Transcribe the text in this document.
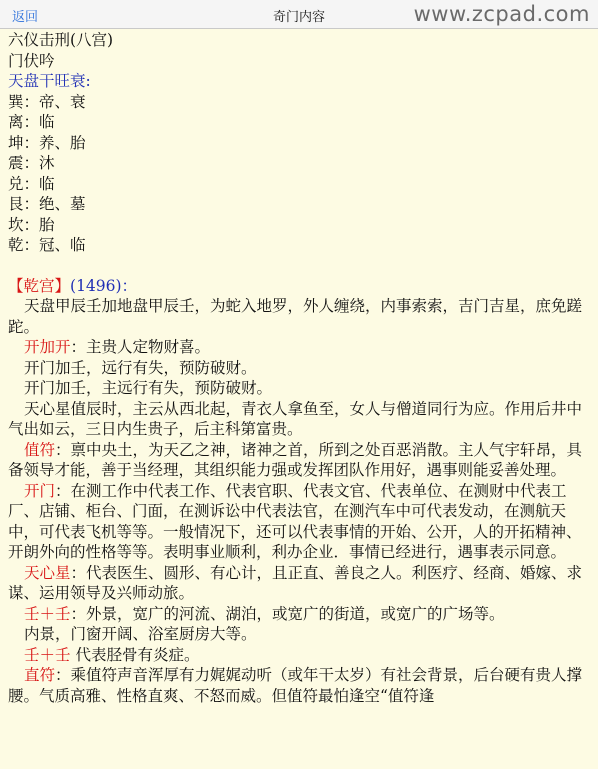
返回	奇门内容	www.zcpad.com
六仪击刑(八宫)
门伏吟
天盘干旺衰:
巽：帝、衰
离：临
坤：养、胎
震：沐
兑：临
艮：绝、墓
坎：胎
乾：冠、临
【乾宫】(1496)：

天盘甲辰壬加地盘甲辰壬，为蛇入地罗，外人缠绕，内事索索，吉门吉星，庶免蹉跎。

开加开：主贵人定物财喜。

开门加壬，远行有失，预防破财。

开门加壬，主远行有失，预防破财。

天心星值辰时，主云从西北起，青衣人拿鱼至，女人与僧道同行为应。作用后井中气出如云，三日内生贵子，后主科第富贵。

值符：禀中央土，为天乙之神，诸神之首，所到之处百恶消散。主人气宇轩昂，具备领导才能，善于当经理，其组织能力强或发挥团队作用好，遇事则能妥善处理。

开门：在测工作中代表工作、代表官职、代表文官、代表单位、在测财中代表工厂、店铺、柜台、门面，在测诉讼中代表法官，在测汽车中可代表发动，在测航天中，可代表飞机等等。一般情况下，还可以代表事情的开始、公开，人的开拓精神、开朗外向的性格等等。表明事业顺利，利办企业．事情已经进行，遇事表示同意。

天心星：代表医生、圆形、有心计，且正直、善良之人。利医疗、经商、婚嫁、求谋、运用领导及兴师动旅。

壬＋壬：外景，宽广的河流、湖泊，或宽广的街道，或宽广的广场等。

内景，门窗开阔、浴室厨房大等。

壬＋壬 代表胫骨有炎症。

直符：乘值符声音浑厚有力娓娓动听（或年干太岁）有社会背景，后台硬有贵人撑腰。气质高雅、性格直爽、不怒而威。但值符最怕逢空“值符逢
